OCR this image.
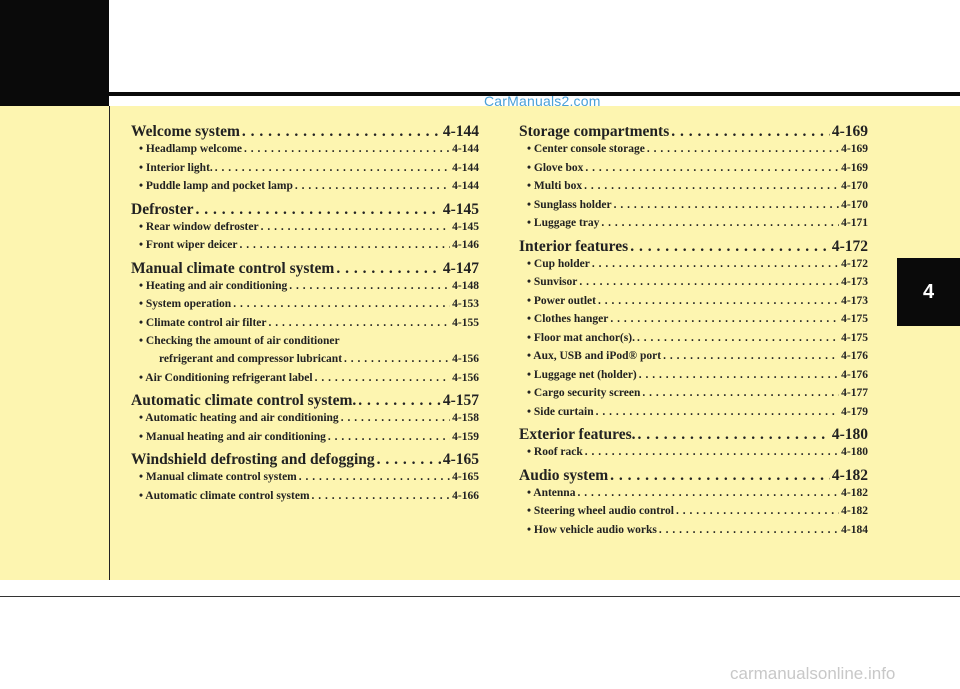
CarManuals2.com
Welcome system . . .	4-144
• Headlamp welcome . . .	4-144
• Interior light. . . .	4-144
• Puddle lamp and pocket lamp . . .	4-144
Defroster . . .	4-145
• Rear window defroster . . .	4-145
• Front wiper deicer . . .	4-146
Manual climate control system . . .	4-147
• Heating and air conditioning . . .	4-148
• System operation . . .	4-153
• Climate control air filter . . .	4-155
• Checking the amount of air conditioner
refrigerant and compressor lubricant . . .	4-156
• Air Conditioning refrigerant label . . .	4-156
Automatic climate control system. . . .	4-157
• Automatic heating and air conditioning . . .	4-158
• Manual heating and air conditioning . . .	4-159
Windshield defrosting and defogging . . .	4-165
• Manual climate control system . . .	4-165
• Automatic climate control system . . .	4-166
Storage compartments . . .	4-169
• Center console storage . . .	4-169
• Glove box . . .	4-169
• Multi box . . .	4-170
• Sunglass holder . . .	4-170
• Luggage tray . . .	4-171
Interior features . . .	4-172
• Cup holder . . .	4-172
• Sunvisor . . .	4-173
• Power outlet . . .	4-173
• Clothes hanger . . .	4-175
• Floor mat anchor(s). . . .	4-175
• Aux, USB and iPod® port . . .	4-176
• Luggage net (holder) . . .	4-176
• Cargo security screen . . .	4-177
• Side curtain . . .	4-179
Exterior features. . . .	4-180
• Roof rack . . .	4-180
Audio system . . .	4-182
• Antenna . . .	4-182
• Steering wheel audio control . . .	4-182
• How vehicle audio works . . .	4-184
4
carmanualsonline.info
